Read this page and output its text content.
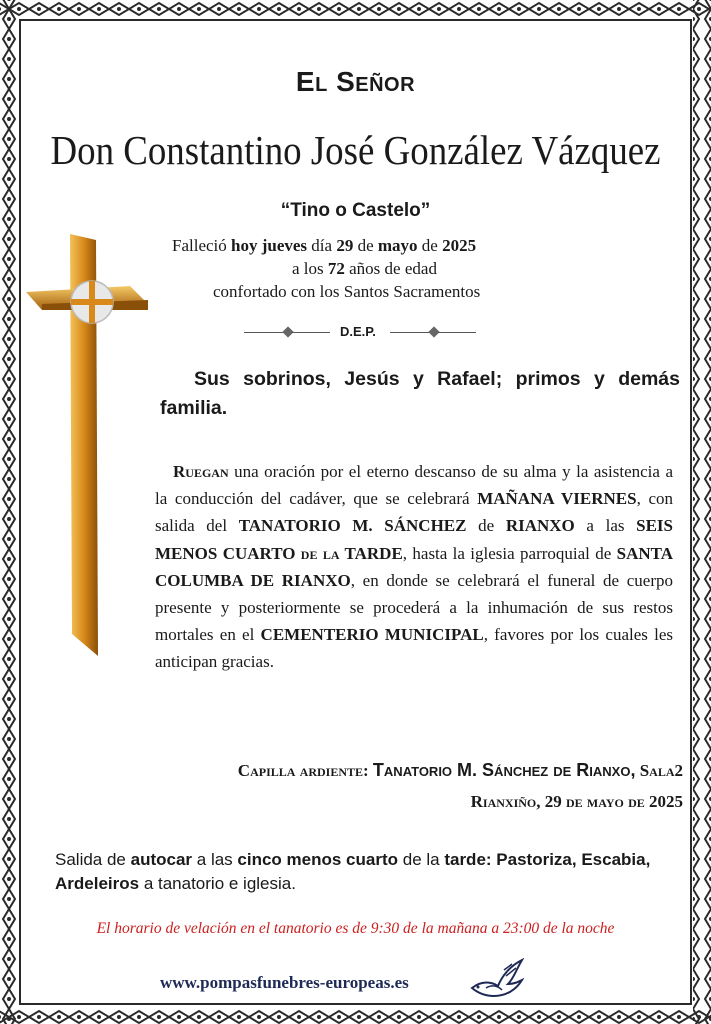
El Señor
Don Constantino José González Vázquez
“Tino o Castelo”
Falleció hoy jueves día 29 de mayo de 2025
a los 72 años de edad
confortado con los Santos Sacramentos
D.E.P.
Sus sobrinos, Jesús y Rafael; primos y demás familia.
Ruegan una oración por el eterno descanso de su alma y la asistencia a la conducción del cadáver, que se celebrará MAÑANA VIERNES, con salida del TANATORIO M. SÁNCHEZ de RIANXO a las SEIS MENOS CUARTO de la TARDE, hasta la iglesia parroquial de SANTA COLUMBA DE RIANXO, en donde se celebrará el funeral de cuerpo presente y posteriormente se procederá a la inhumación de sus restos mortales en el CEMENTERIO MUNICIPAL, favores por los cuales les anticipan gracias.
Capilla ardiente: Tanatorio M. Sánchez de Rianxo, Sala2
Rianxiño, 29 de mayo de 2025
Salida de autocar a las cinco menos cuarto de la tarde: Pastoriza, Escabia, Ardeleiros a tanatorio e iglesia.
El horario de velación en el tanatorio es de 9:30 de la mañana a 23:00 de la noche
www.pompasfunebres-europeas.es
